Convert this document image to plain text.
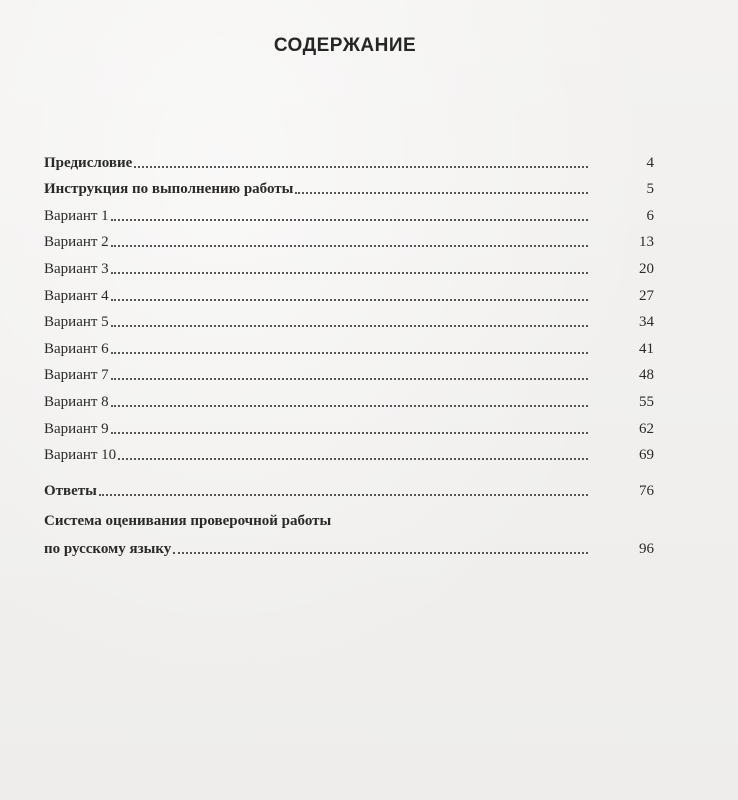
СОДЕРЖАНИЕ
Предисловие	4
Инструкция по выполнению работы	5
Вариант 1	6
Вариант 2	13
Вариант 3	20
Вариант 4	27
Вариант 5	34
Вариант 6	41
Вариант 7	48
Вариант 8	55
Вариант 9	62
Вариант 10	69
Ответы	76
Система оценивания проверочной работы
по русскому языку	96
